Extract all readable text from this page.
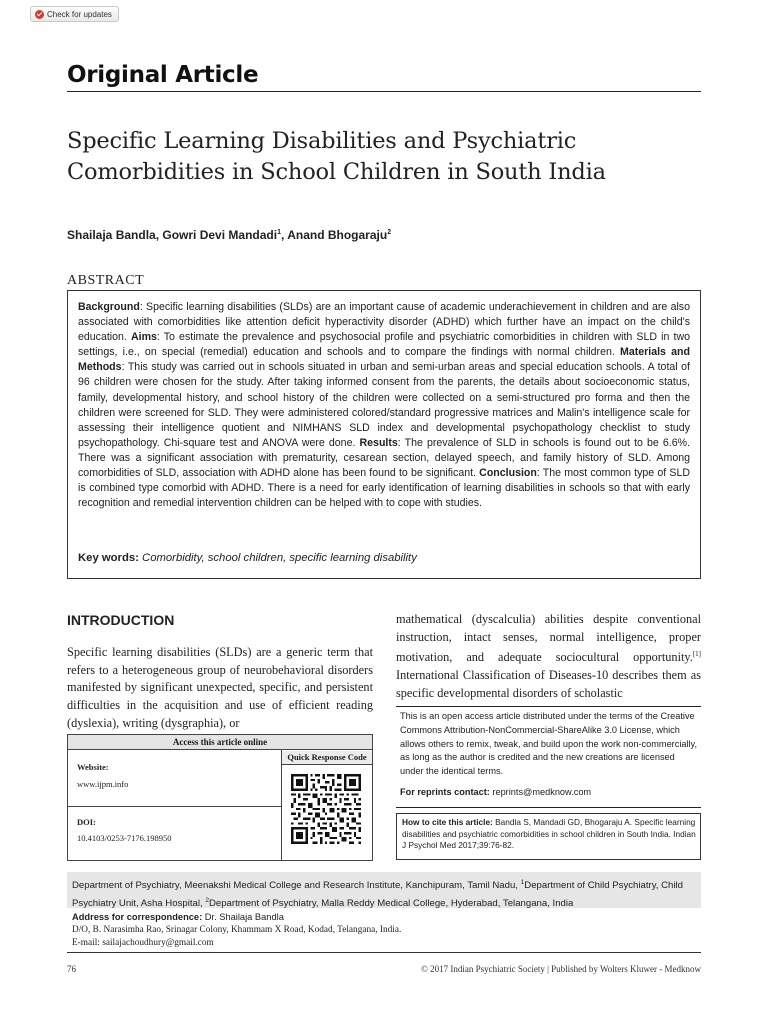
Check for updates
Original Article
Specific Learning Disabilities and Psychiatric Comorbidities in School Children in South India
Shailaja Bandla, Gowri Devi Mandadi$^1$, Anand Bhogaraju$^2$
ABSTRACT
Background: Specific learning disabilities (SLDs) are an important cause of academic underachievement in children and are also associated with comorbidities like attention deficit hyperactivity disorder (ADHD) which further have an impact on the child's education. Aims: To estimate the prevalence and psychosocial profile and psychiatric comorbidities in children with SLD in two settings, i.e., on special (remedial) education and schools and to compare the findings with normal children. Materials and Methods: This study was carried out in schools situated in urban and semi-urban areas and special education schools. A total of 96 children were chosen for the study. After taking informed consent from the parents, the details about socioeconomic status, family, developmental history, and school history of the children were collected on a semi-structured pro forma and then the children were screened for SLD. They were administered colored/standard progressive matrices and Malin's intelligence scale for assessing their intelligence quotient and NIMHANS SLD index and developmental psychopathology checklist to study psychopathology. Chi-square test and ANOVA were done. Results: The prevalence of SLD in schools is found out to be 6.6%. There was a significant association with prematurity, cesarean section, delayed speech, and family history of SLD. Among comorbidities of SLD, association with ADHD alone has been found to be significant. Conclusion: The most common type of SLD is combined type comorbid with ADHD. There is a need for early identification of learning disabilities in schools so that with early recognition and remedial intervention children can be helped with to cope with studies.
Key words: Comorbidity, school children, specific learning disability
INTRODUCTION
Specific learning disabilities (SLDs) are a generic term that refers to a heterogeneous group of neurobehavioral disorders manifested by significant unexpected, specific, and persistent difficulties in the acquisition and use of efficient reading (dyslexia), writing (dysgraphia), or
mathematical (dyscalculia) abilities despite conventional instruction, intact senses, normal intelligence, proper motivation, and adequate sociocultural opportunity.[1] International Classification of Diseases-10 describes them as specific developmental disorders of scholastic
Access this article online
Website:
www.ijpm.info
DOI:
10.4103/0253-7176.198950
Quick Response Code
This is an open access article distributed under the terms of the Creative Commons Attribution-NonCommercial-ShareAlike 3.0 License, which allows others to remix, tweak, and build upon the work non-commercially, as long as the author is credited and the new creations are licensed under the identical terms.
For reprints contact: reprints@medknow.com
How to cite this article: Bandla S, Mandadi GD, Bhogaraju A. Specific learning disabilities and psychiatric comorbidities in school children in South India. Indian J Psychol Med 2017;39:76-82.
Department of Psychiatry, Meenakshi Medical College and Research Institute, Kanchipuram, Tamil Nadu, $^1$Department of Child Psychiatry, Child Psychiatry Unit, Asha Hospital, $^2$Department of Psychiatry, Malla Reddy Medical College, Hyderabad, Telangana, India
Address for correspondence: Dr. Shailaja Bandla
D/O, B. Narasimha Rao, Srinagar Colony, Khammam X Road, Kodad, Telangana, India.
E-mail: sailajachoudhury@gmail.com
76	© 2017 Indian Psychiatric Society | Published by Wolters Kluwer - Medknow
